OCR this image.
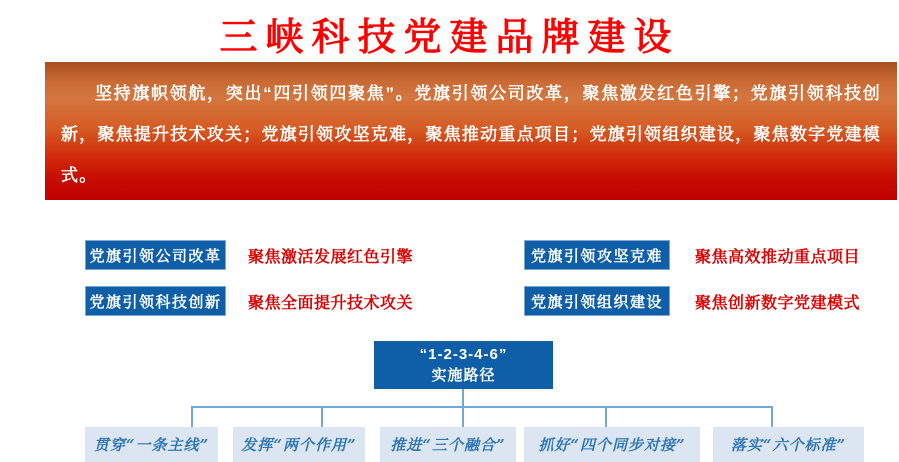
三峡科技党建品牌建设

坚持旗帜领航，突出“四引领四聚焦”。党旗引领公司改革，聚焦激发红色引擎；党旗引领科技创新，聚焦提升技术攻关；党旗引领攻坚克难，聚焦推动重点项目；党旗引领组织建设，聚焦数字党建模式。

通过“1-2-3-4-6”实施路径进一步提升三峡科技党建工作质量和创新能力，发挥典型示范作用。

党旗引领公司改革 聚焦激活发展红色引擎	党旗引领攻坚克难	聚焦高效推动重点项目
党旗引领科技创新 聚焦全面提升技术攻关	党旗引领组织建设	聚焦创新数字党建模式
“1-2-3-4-6”
实施路径
贯穿“一条主线”	发挥“两个作用”	推进“三个融合”	抓好“四个同步对接”	落实“六个标准”
